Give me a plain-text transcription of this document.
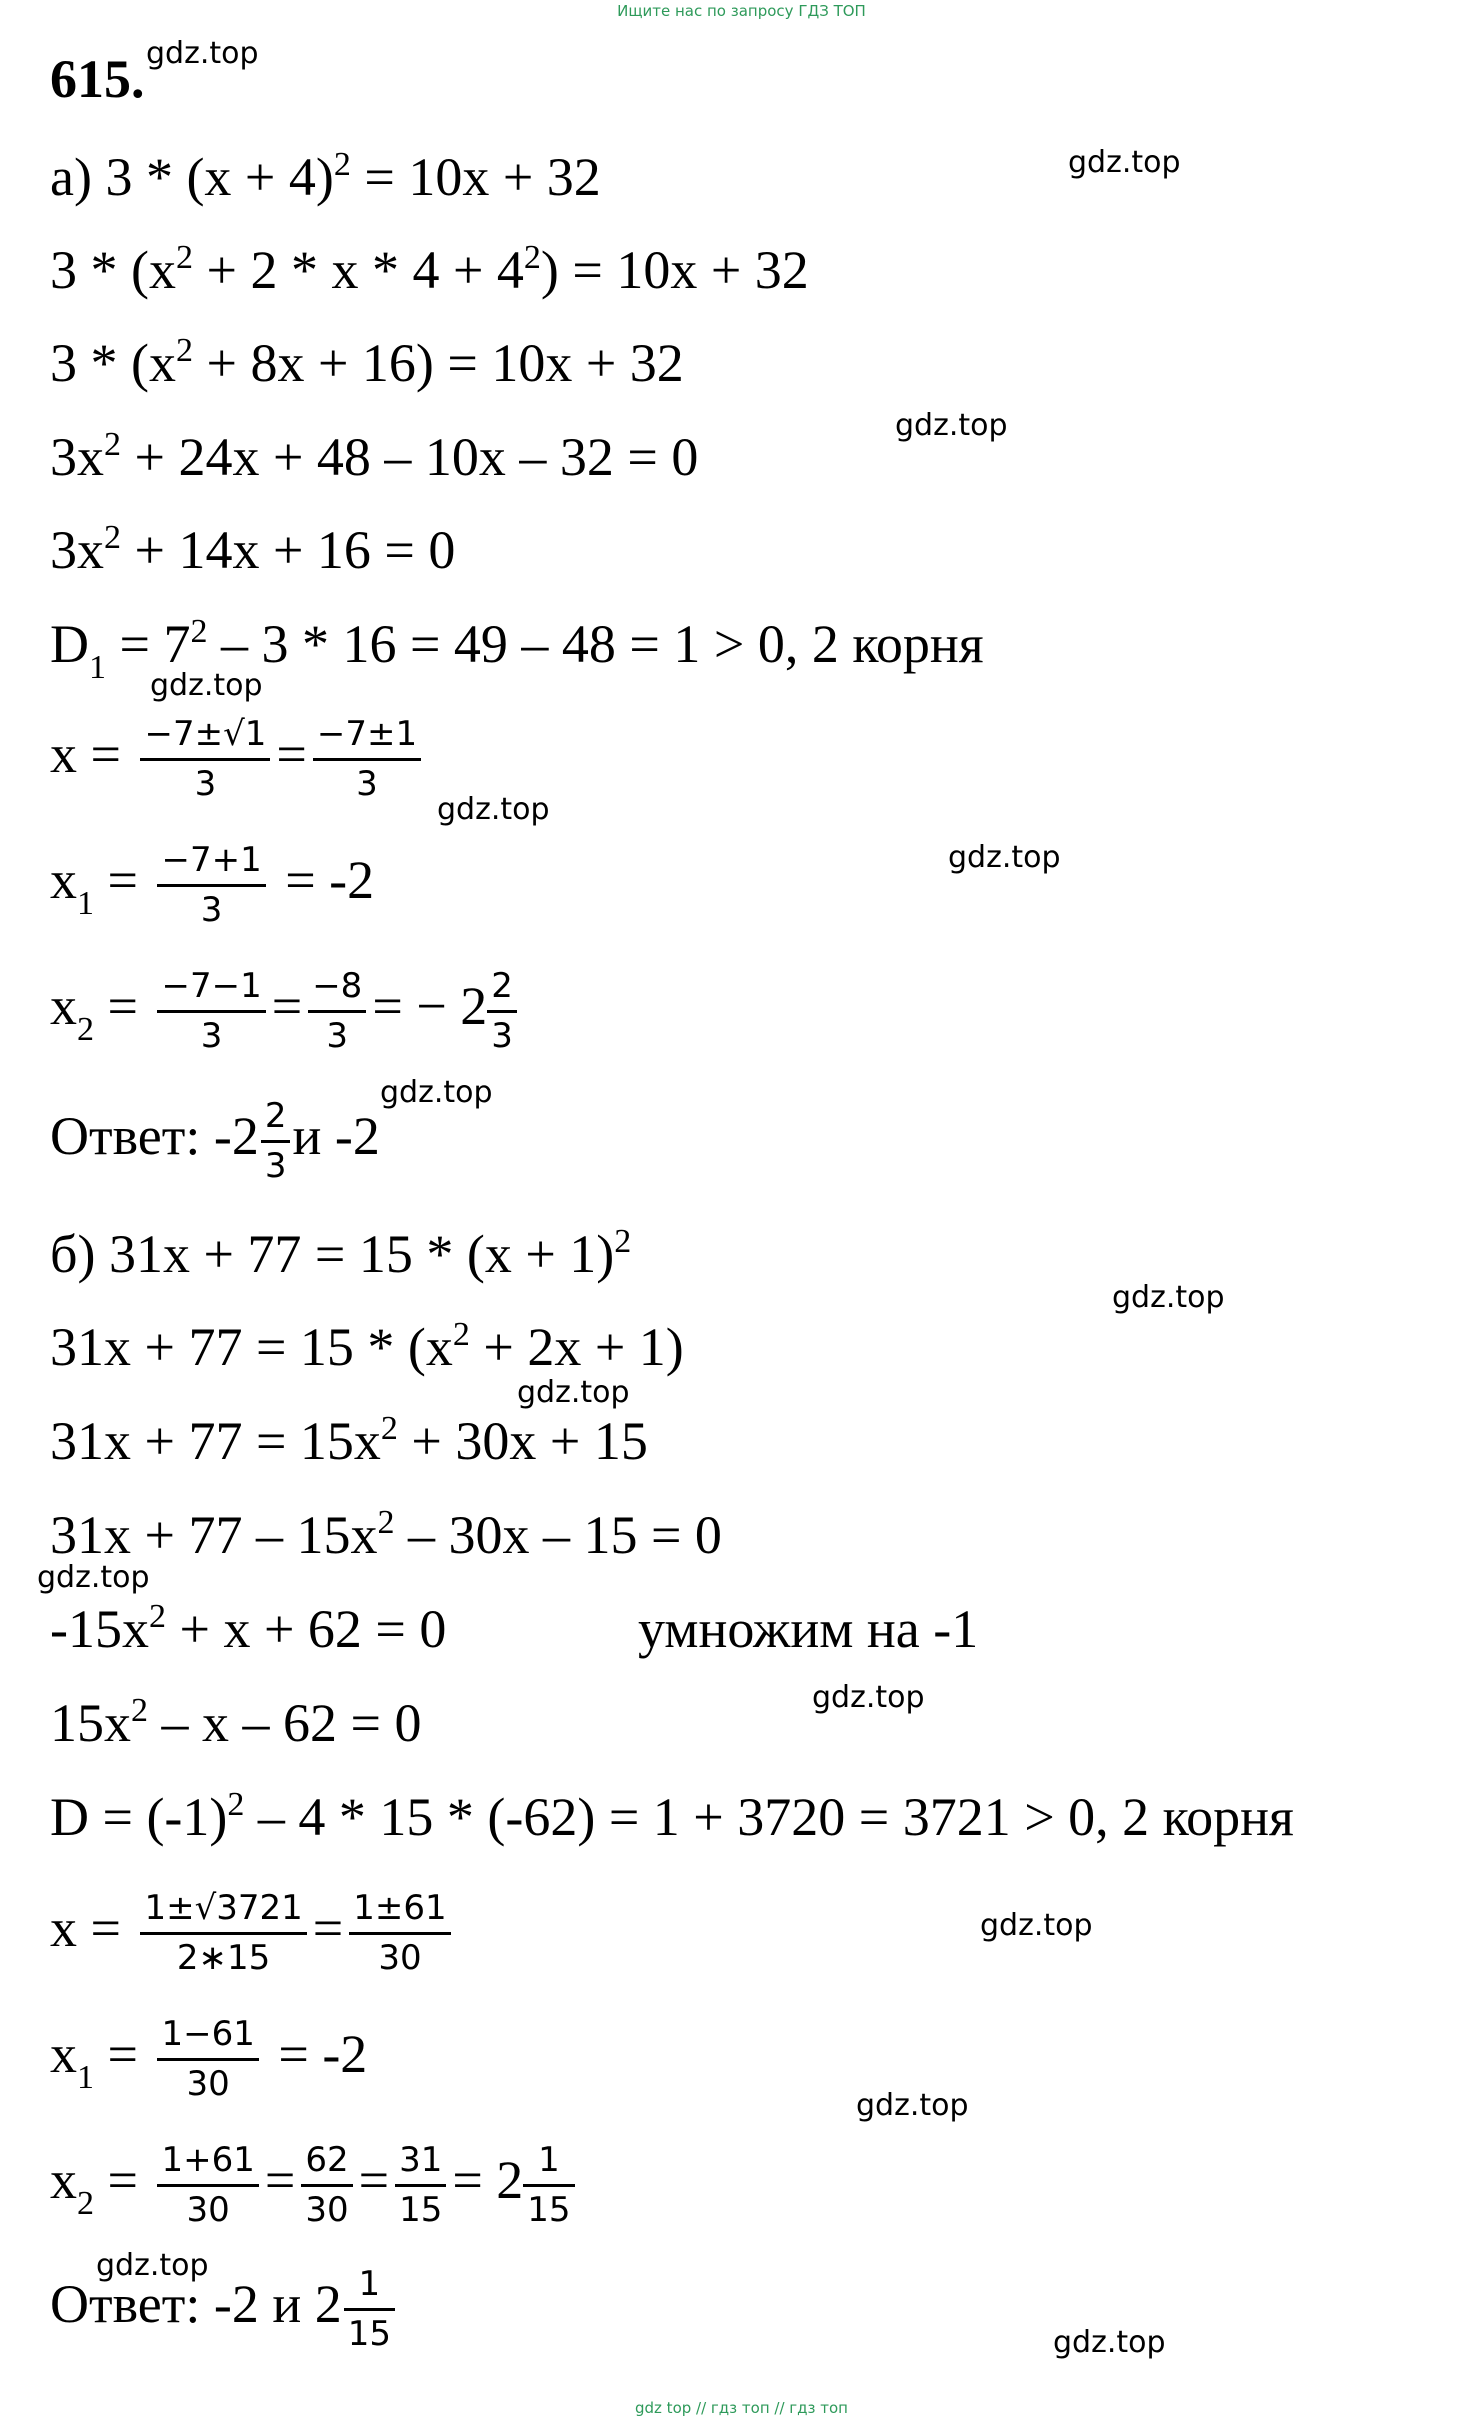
Ищите нас по запросу ГДЗ ТОП
615.
а) $3 * (x + 4)^2 = 10x + 32$
$3 * (x^2 + 2 * x * 4 + 4^2) = 10x + 32$
$3 * (x^2 + 8x + 16) = 10x + 32$
$3x^2 + 24x + 48 - 10x - 32 = 0$
$3x^2 + 14x + 16 = 0$
$D_1 = 7^2 - 3 * 16 = 49 - 48 = 1 > 0$, 2 корня
$x = \frac{-7\pm√1}{3} = \frac{-7\pm 1}{3}$
$x_1 = \frac{-7+1}{3} = -2$
$x_2 = \frac{-7-1}{3} = \frac{-8}{3}$ = − $2 \frac{2}{3}$
Ответ: $-2 \frac{2}{3}$ и -2
б) $31x + 77 = 15 * (x + 1)^2$
$31x + 77 = 15 * (x^2 + 2x + 1)$
$31x + 77 = 15x^2 + 30x + 15$
$31x + 77 - 15x^2 - 30x - 15 = 0$
$-15x^2 + x + 62 = 0$	умножим на -1
$15x^2 - x - 62 = 0$
$D = (-1)^2 - 4 * 15 * (-62) = 1 + 3720 = 3721 > 0$, 2 корня
$x = \frac{1\pm√3721}{2∗15} = \frac{1\pm 61}{30}$
$x_1 = \frac{1-61}{30} = -2$
$x_2 = \frac{1+61}{30} = \frac{62}{30} = \frac{31}{15} = 2 \frac{1}{15}$
Ответ: -2 и $2 \frac{1}{15}$
gdz.top
gdz.top
gdz.top
gdz.top
gdz.top
gdz.top
gdz.top
gdz.top
gdz.top
gdz.top
gdz.top
gdz.top
gdz.top
gdz.top
gdz.top
gdz top // гдз топ // гдз топ
